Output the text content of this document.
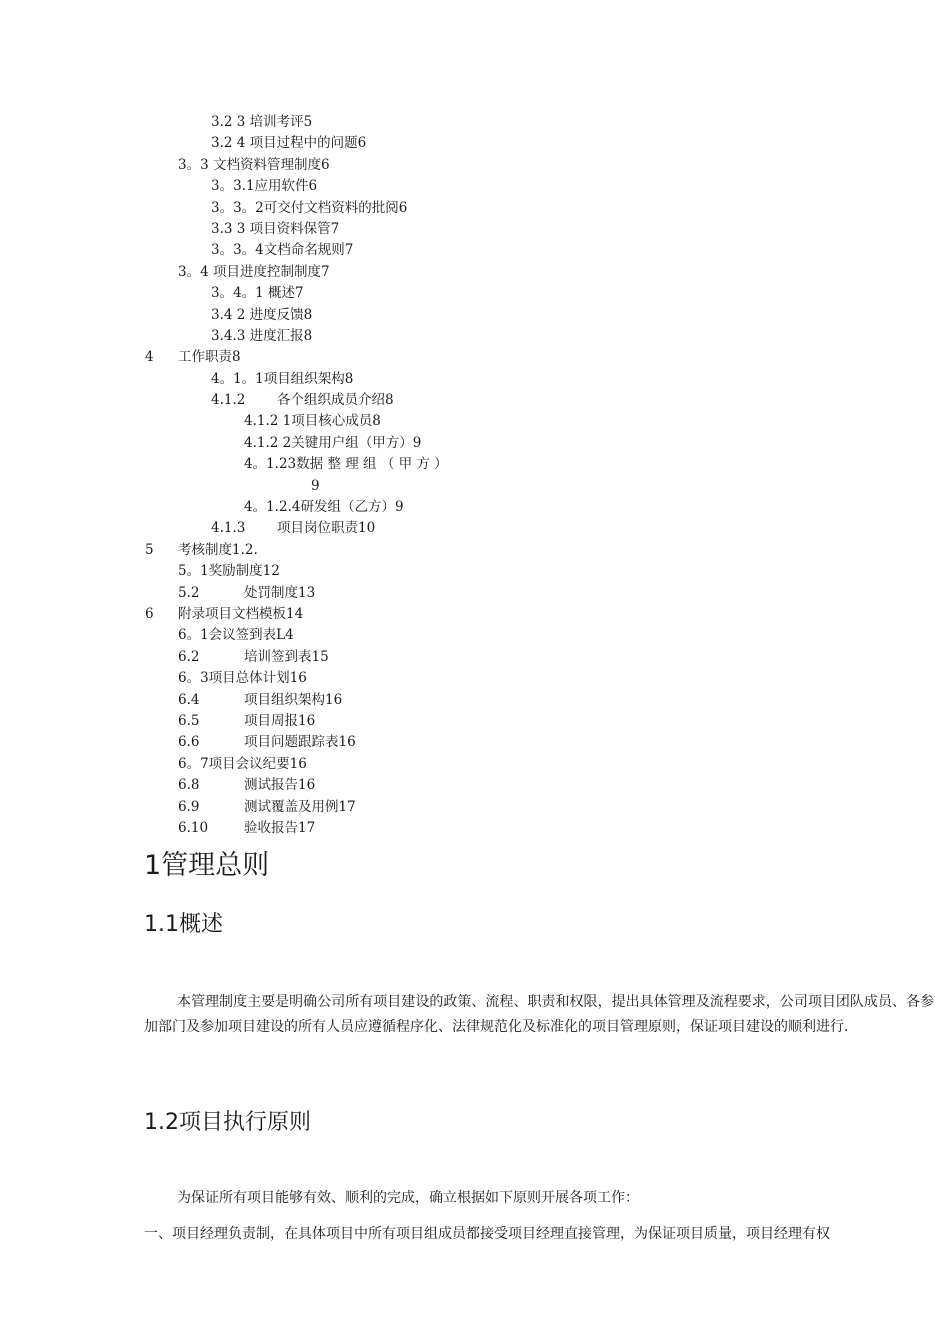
3.2 3 培训考评5
3.2 4 项目过程中的问题6
3。3 文档资料管理制度6
3。3.1应用软件6
3。3。2可交付文档资料的批阅6
3.3 3 项目资料保管7
3。3。4文档命名规则7
3。4 项目进度控制制度7
3。4。1 概述7
3.4 2 进度反馈8
3.4.3 进度汇报8
4 工作职责8
4。1。1项目组织架构8
4.1.2 各个组织成员介绍8
4.1.2 1项目核心成员8
4.1.2 2关键用户组（甲方）9
4。1.23数据 整 理 组 （ 甲 方 ）
9
4。1.2.4研发组（乙方）9
4.1.3 项目岗位职责10
5 考核制度1.2.
5。1奖励制度12
5.2	处罚制度13
6 附录项目文档模板14
6。1会议签到表L4
6.2	培训签到表15
6。3项目总体计划16
6.4	项目组织架构16
6.5	项目周报16
6.6	项目问题跟踪表16
6。7项目会议纪要16
6.8	测试报告16
6.9	测试覆盖及用例17
6.10	验收报告17
1管理总则
1.1概述

本管理制度主要是明确公司所有项目建设的政策、流程、职责和权限，提出具体管理及流程要求，公司项目团队成员、各参加部门及参加项目建设的所有人员应遵循程序化、法律规范化及标准化的项目管理原则，保证项目建设的顺利进行.

1.2项目执行原则

为保证所有项目能够有效、顺利的完成，确立根据如下原则开展各项工作：

一、项目经理负责制，在具体项目中所有项目组成员都接受项目经理直接管理，为保证项目质量，项目经理有权
